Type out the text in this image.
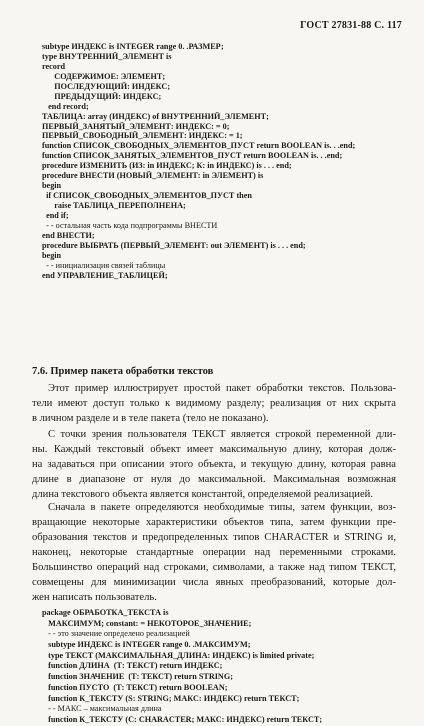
ГОСТ 27831-88 С. 117
subtype ИНДЕКС is INTEGER range 0. .РАЗМЕР;
type ВНУТРЕННИЙ_ЭЛЕМЕНТ is
record
СОДЕРЖИМОЕ: ЭЛЕМЕНТ;
ПОСЛЕДУЮЩИЙ: ИНДЕКС;
ПРЕДЫДУЩИЙ: ИНДЕКС;
end record;
ТАБЛИЦА: array (ИНДЕКС) of ВНУТРЕННИЙ_ЭЛЕМЕНТ;
ПЕРВЫЙ_ЗАНЯТЫЙ_ЭЛЕМЕНТ: ИНДЕКС: = 0;
ПЕРВЫЙ_СВОБОДНЫЙ_ЭЛЕМЕНТ: ИНДЕКС: = 1;
function СПИСОК_СВОБОДНЫХ_ЭЛЕМЕНТОВ_ПУСТ return BOOLEAN is. . .end;
function СПИСОК_ЗАНЯТЫХ_ЭЛЕМЕНТОВ_ПУСТ return BOOLEAN is. . .end;
procedure ИЗМЕНИТЬ (ИЗ: in ИНДЕКС; К: in ИНДЕКС) is . . . end;
procedure ВНЕСТИ (НОВЫЙ_ЭЛЕМЕНТ: in ЭЛЕМЕНТ) is
begin
if СПИСОК_СВОБОДНЫХ_ЭЛЕМЕНТОВ_ПУСТ then
raise ТАБЛИЦА_ПЕРЕПОЛНЕНА;
end if;
- - остальная часть кода подпрограммы ВНЕСТИ
end ВНЕСТИ;
procedure ВЫБРАТЬ (ПЕРВЫЙ_ЭЛЕМЕНТ: out ЭЛЕМЕНТ) is . . . end;
begin
- - инициализация связей таблицы
end УПРАВЛЕНИЕ_ТАБЛИЦЕЙ;
7.6. Пример пакета обработки текстов
Этот пример иллюстрирует простой пакет обработки текстов. Пользова-
тели имеют доступ только к видимому разделу; реализация от них скрыта
в личном разделе и в теле пакета (тело не показано).
С точки зрения пользователя ТЕКСТ является строкой переменной дли-
ны. Каждый текстовый объект имеет максимальную длину, которая долж-
на задаваться при описании этого объекта, и текущую длину, которая равна
длине в диапазоне от нуля до максимальной. Максимальная возможная
длина текстового объекта является константой, определяемой реализацией.
Сначала в пакете определяются необходимые типы, затем функции, воз-
вращающие некоторые характеристики объектов типа, затем функции пре-
образования текстов и предопределенных типов CHARACTER и STRING и,
наконец, некоторые стандартные операции над переменными строками.
Большинство операций над строками, символами, а также над типом ТЕКСТ,
совмещены для минимизации числа явных преобразований, которые дол-
жен написать пользователь.
package ОБРАБОТКА_ТЕКСТА is
МАКСИМУМ; constant: = НЕКОТОРОЕ_ЗНАЧЕНИЕ;
- - это значение определено реализацией
subtype ИНДЕКС is INTEGER range 0. .МАКСИМУМ;
type ТЕКСТ (МАКСИМАЛЬНАЯ_ДЛИНА: ИНДЕКС) is limited private;
function ДЛИНА  (Т: ТЕКСТ) return ИНДЕКС;
function ЗНАЧЕНИЕ  (Т: ТЕКСТ) return STRING;
function ПУСТО  (Т: ТЕКСТ) return BOOLEAN;
function К_ТЕКСТУ (S: STRING; МАКС: ИНДЕКС) return ТЕКСТ;
- - МАКС – максимальная длина
function К_ТЕКСТУ (С: CHARACTER; МАКС: ИНДЕКС) return ТЕКСТ;
